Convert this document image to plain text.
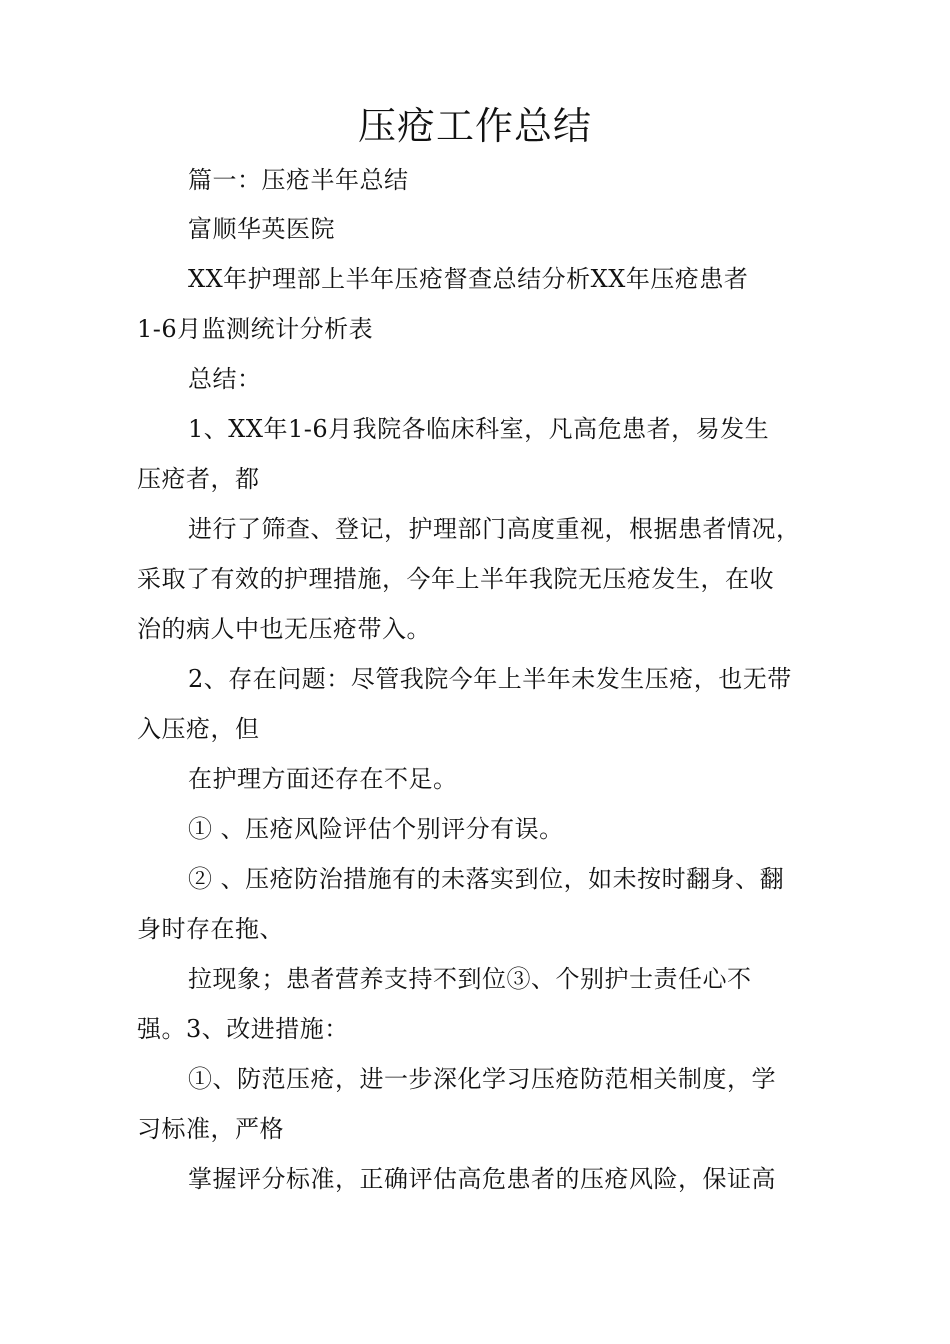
压疮工作总结
篇一：压疮半年总结
富顺华英医院
XX年护理部上半年压疮督查总结分析XX年压疮患者
1-6月监测统计分析表
总结：
1、XX年1-6月我院各临床科室，凡高危患者，易发生
压疮者，都
进行了筛查、登记，护理部门高度重视，根据患者情况，
采取了有效的护理措施，今年上半年我院无压疮发生，在收
治的病人中也无压疮带入。
2、存在问题：尽管我院今年上半年未发生压疮，也无带
入压疮，但
在护理方面还存在不足。
① 、压疮风险评估个别评分有误。
② 、压疮防治措施有的未落实到位，如未按时翻身、翻
身时存在拖、
拉现象；患者营养支持不到位③、个别护士责任心不
强。3、改进措施：
①、防范压疮，进一步深化学习压疮防范相关制度，学
习标准，严格
掌握评分标准，正确评估高危患者的压疮风险，保证高
